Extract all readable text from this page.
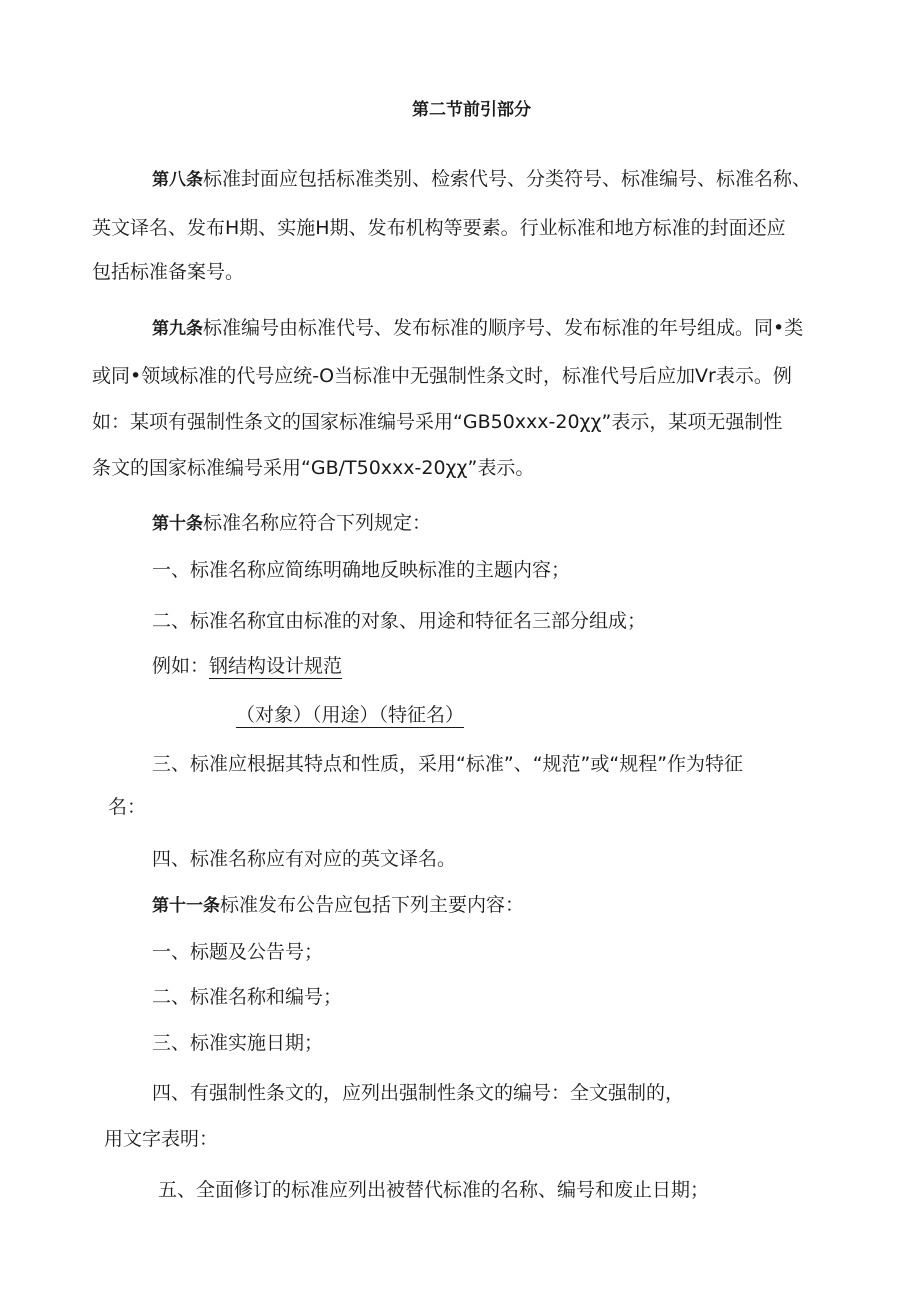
第二节前引部分
第八条标准封面应包括标准类别、检索代号、分类符号、标准编号、标准名称、
英文译名、发布H期、实施H期、发布机构等要素。行业标准和地方标准的封面还应
包括标准备案号。
第九条标准编号由标准代号、发布标准的顺序号、发布标准的年号组成。同•类
或同•领域标准的代号应统-O当标准中无强制性条文时，标准代号后应加Vr表示。例
如：某项有强制性条文的国家标准编号采用“GB50xxx-20χχ”表示，某项无强制性
条文的国家标准编号采用“GB/T50xxx-20χχ”表示。
第十条标准名称应符合下列规定：
一、标准名称应简练明确地反映标准的主题内容；
二、标准名称宜由标准的对象、用途和特征名三部分组成；
例如：钢结构设计规范
（对象）（用途）（特征名）
三、标准应根据其特点和性质，采用“标准”、“规范”或“规程”作为特征
名：
四、标准名称应有对应的英文译名。
第十一条标准发布公告应包括下列主要内容：
一、标题及公告号；
二、标准名称和编号；
三、标准实施日期；
四、有强制性条文的，应列出强制性条文的编号：全文强制的，
用文字表明：
五、全面修订的标准应列出被替代标准的名称、编号和废止日期；
